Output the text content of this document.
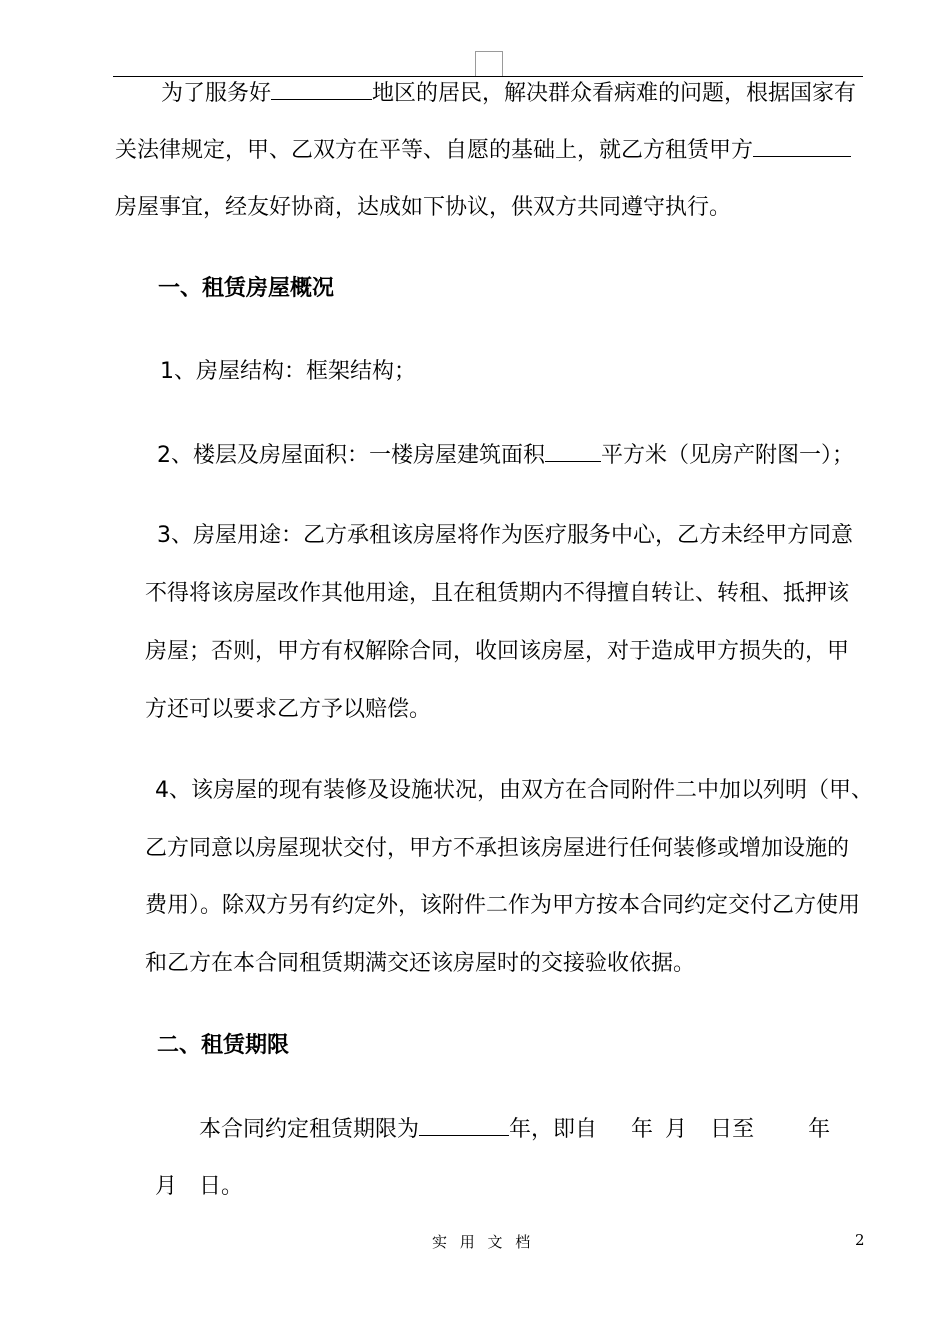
为了服务好	地区的居民，解决群众看病难的问题，根据国家有
关法律规定，甲、乙双方在平等、自愿的基础上，就乙方租赁甲方
房屋事宜，经友好协商，达成如下协议，供双方共同遵守执行。
一、租赁房屋概况
1、房屋结构：框架结构；
2、楼层及房屋面积：一楼房屋建筑面积	平方米（见房产附图一）；
3、房屋用途：乙方承租该房屋将作为医疗服务中心，乙方未经甲方同意
不得将该房屋改作其他用途，且在租赁期内不得擅自转让、转租、抵押该
房屋；否则，甲方有权解除合同，收回该房屋，对于造成甲方损失的，甲
方还可以要求乙方予以赔偿。
4、该房屋的现有装修及设施状况，由双方在合同附件二中加以列明（甲、
乙方同意以房屋现状交付，甲方不承担该房屋进行任何装修或增加设施的
费用）。除双方另有约定外，该附件二作为甲方按本合同约定交付乙方使用
和乙方在本合同租赁期满交还该房屋时的交接验收依据。
二、租赁期限
本合同约定租赁期限为	年，即自 年 月 日至 年
月 日。
实 用 文 档	2
